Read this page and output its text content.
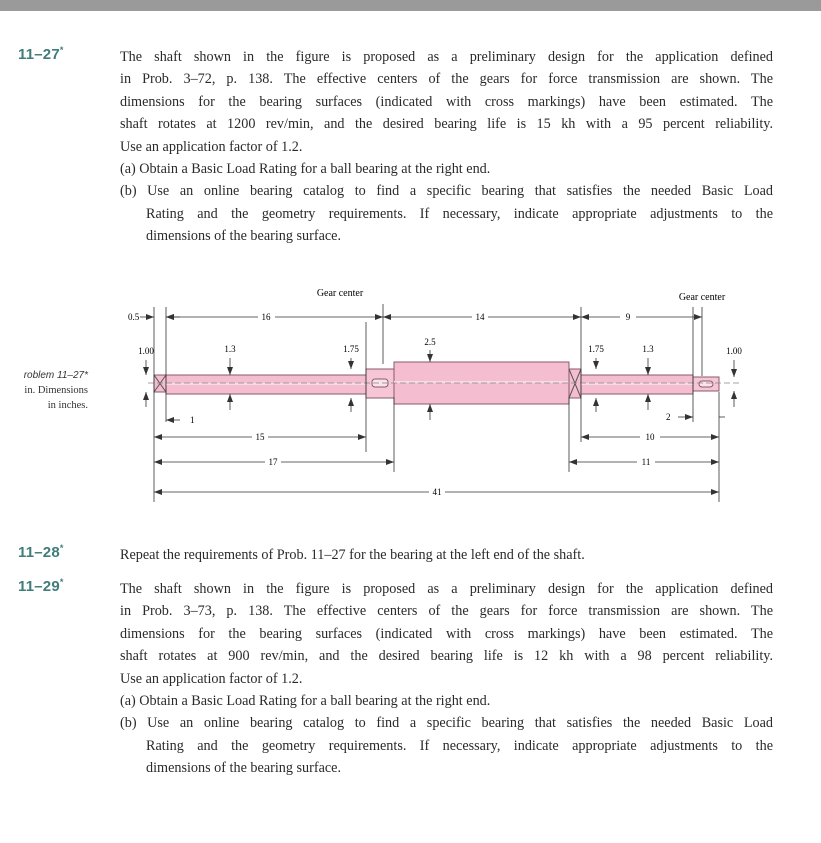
11–27*	The shaft shown in the figure is proposed as a preliminary design for the application defined
in Prob. 3–72, p. 138. The effective centers of the gears for force transmission are shown. The
dimensions for the bearing surfaces (indicated with cross markings) have been estimated. The
shaft rotates at 1200 rev/min, and the desired bearing life is 15 kh with a 95 percent reliability.
Use an application factor of 1.2.
(a) Obtain a Basic Load Rating for a ball bearing at the right end.
(b) Use an online bearing catalog to find a specific bearing that satisfies the needed Basic Load
Rating and the geometry requirements. If necessary, indicate appropriate adjustments to the
dimensions of the bearing surface.
roblem 11–27*
in. Dimensions
in inches.
Gear center	Gear center
0.5	16	14	9
1.00	1.3	1.75
2.5
1.75	1.3	1.00
1	2
15	10
17	11
41
11–28*	Repeat the requirements of Prob. 11–27 for the bearing at the left end of the shaft.
11–29*	The shaft shown in the figure is proposed as a preliminary design for the application defined
in Prob. 3–73, p. 138. The effective centers of the gears for force transmission are shown. The
dimensions for the bearing surfaces (indicated with cross markings) have been estimated. The
shaft rotates at 900 rev/min, and the desired bearing life is 12 kh with a 98 percent reliability.
Use an application factor of 1.2.
(a) Obtain a Basic Load Rating for a ball bearing at the right end.
(b) Use an online bearing catalog to find a specific bearing that satisfies the needed Basic Load
Rating and the geometry requirements. If necessary, indicate appropriate adjustments to the
dimensions of the bearing surface.
